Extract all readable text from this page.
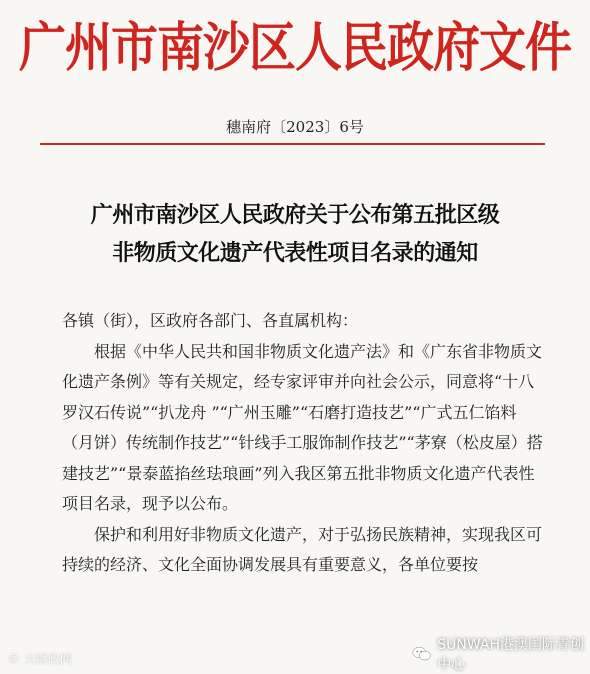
广州市南沙区人民政府文件
穗南府〔2023〕6号
广州市南沙区人民政府关于公布第五批区级
非物质文化遗产代表性项目名录的通知

各镇（街），区政府各部门、各直属机构：

根据《中华人民共和国非物质文化遗产法》和《广东省非物质文化遗产条例》等有关规定，经专家评审并向社会公示，同意将“十八罗汉石传说”“扒龙舟 ”“广州玉雕”“石磨打造技艺”“广式五仁馅料（月饼）传统制作技艺”“针线手工服饰制作技艺”“茅寮（松皮屋）搭建技艺”“景泰蓝掐丝珐琅画”列入我区第五批非物质文化遗产代表性项目名录，现予以公布。

保护和利用好非物质文化遗产，对于弘扬民族精神，实现我区可持续的经济、文化全面协调发展具有重要意义，各单位要按

© 大财政网
SUNWAH港澳国际青创中心
